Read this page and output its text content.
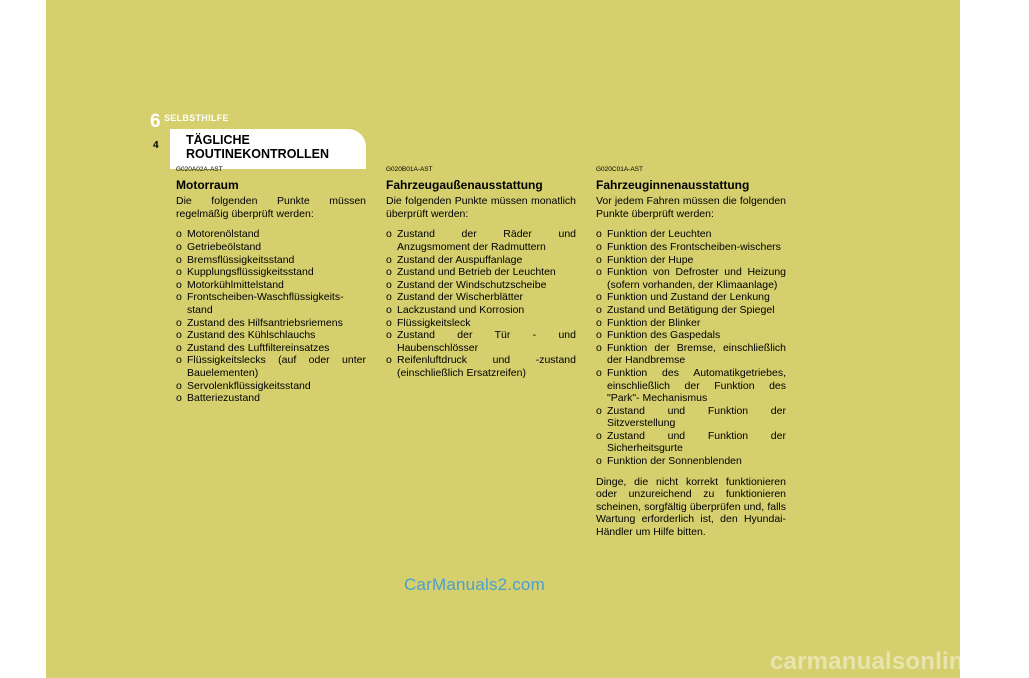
6 SELBSTHILFE
4 TÄGLICHE ROUTINEKONTROLLEN
G020A02A-AST
Motorraum

Die folgenden Punkte müssen regelmäßig überprüft werden:

o Motorenölstand
o Getriebeölstand
o Bremsflüssigkeitsstand
o Kupplungsflüssigkeitsstand
o Motorkühlmittelstand
o Frontscheiben-Waschflüssigkeits-stand
o Zustand des Hilfsantriebsriemens
o Zustand des Kühlschlauchs
o Zustand des Luftfiltereinsatzes
o Flüssigkeitslecks (auf oder unter Bauelementen)
o Servolenkflüssigkeitsstand
o Batteriezustand
G020B01A-AST
Fahrzeugaußenausstattung

Die folgenden Punkte müssen monatlich überprüft werden:

o Zustand der Räder und Anzugsmoment der Radmuttern
o Zustand der Auspuffanlage
o Zustand und Betrieb der Leuchten
o Zustand der Windschutzscheibe
o Zustand der Wischerblätter
o Lackzustand und Korrosion
o Flüssigkeitsleck
o Zustand der Tür - und Haubenschlösser
o Reifenluftdruck und -zustand (einschließlich Ersatzreifen)
G020C01A-AST
Fahrzeuginnenausstattung

Vor jedem Fahren müssen die folgenden Punkte überprüft werden:

o Funktion der Leuchten
o Funktion des Frontscheiben-wischers
o Funktion der Hupe
o Funktion von Defroster und Heizung (sofern vorhanden, der Klimaanlage)
o Funktion und Zustand der Lenkung
o Zustand und Betätigung der Spiegel
o Funktion der Blinker
o Funktion des Gaspedals
o Funktion der Bremse, einschließlich der Handbremse
o Funktion des Automatikgetriebes, einschließlich der Funktion des "Park"- Mechanismus
o Zustand und Funktion der Sitzverstellung
o Zustand und Funktion der Sicherheitsgurte
o Funktion der Sonnenblenden

Dinge, die nicht korrekt funktionieren oder unzureichend zu funktionieren scheinen, sorgfältig überprüfen und, falls Wartung erforderlich ist, den Hyundai-Händler um Hilfe bitten.

CarManuals2.com
carmanualsonline.info
